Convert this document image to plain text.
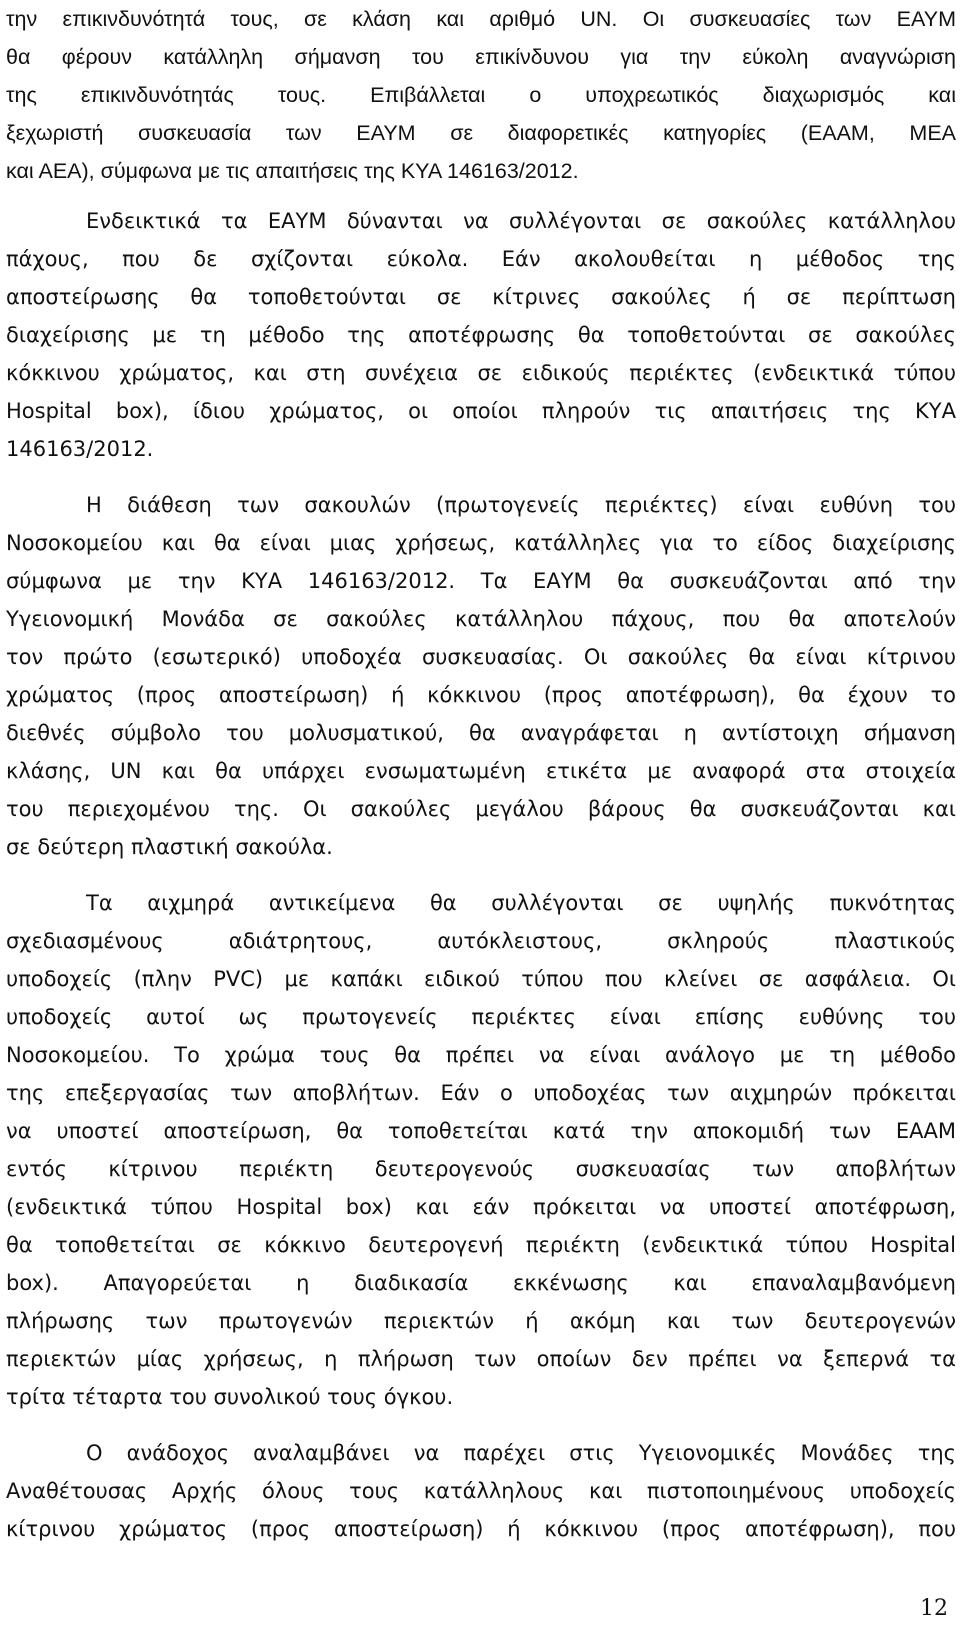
την επικινδυνότητά τους, σε κλάση και αριθμό UN. Οι συσκευασίες των ΕΑΥΜ
θα φέρουν κατάλληλη σήμανση του επικίνδυνου για την εύκολη αναγνώριση
της επικινδυνότητάς τους. Επιβάλλεται ο υποχρεωτικός διαχωρισμός και
ξεχωριστή συσκευασία των ΕΑΥΜ σε διαφορετικές κατηγορίες (ΕΑΑΜ, ΜΕΑ
και ΑΕΑ), σύμφωνα με τις απαιτήσεις της ΚΥΑ 146163/2012.
Ενδεικτικά τα ΕΑΥΜ δύνανται να συλλέγονται σε σακούλες κατάλληλου
πάχους, που δε σχίζονται εύκολα. Εάν ακολουθείται η μέθοδος της
αποστείρωσης θα τοποθετούνται σε κίτρινες σακούλες ή σε περίπτωση
διαχείρισης με τη μέθοδο της αποτέφρωσης θα τοποθετούνται σε σακούλες
κόκκινου χρώματος, και στη συνέχεια σε ειδικούς περιέκτες (ενδεικτικά τύπου
Hospital box), ίδιου χρώματος, οι οποίοι πληρούν τις απαιτήσεις της ΚΥΑ
146163/2012.
Η διάθεση των σακουλών (πρωτογενείς περιέκτες) είναι ευθύνη του
Νοσοκομείου και θα είναι μιας χρήσεως, κατάλληλες για το είδος διαχείρισης
σύμφωνα με την ΚΥΑ 146163/2012. Τα ΕΑΥΜ θα συσκευάζονται από την
Υγειονομική Μονάδα σε σακούλες κατάλληλου πάχους, που θα αποτελούν
τον πρώτο (εσωτερικό) υποδοχέα συσκευασίας. Οι σακούλες θα είναι κίτρινου
χρώματος (προς αποστείρωση) ή κόκκινου (προς αποτέφρωση), θα έχουν το
διεθνές σύμβολο του μολυσματικού, θα αναγράφεται η αντίστοιχη σήμανση
κλάσης, UN και θα υπάρχει ενσωματωμένη ετικέτα με αναφορά στα στοιχεία
του περιεχομένου της. Οι σακούλες μεγάλου βάρους θα συσκευάζονται και
σε δεύτερη πλαστική σακούλα.
Τα αιχμηρά αντικείμενα θα συλλέγονται σε υψηλής πυκνότητας
σχεδιασμένους αδιάτρητους, αυτόκλειστους, σκληρούς πλαστικούς
υποδοχείς (πλην PVC) με καπάκι ειδικού τύπου που κλείνει σε ασφάλεια. Οι
υποδοχείς αυτοί ως πρωτογενείς περιέκτες είναι επίσης ευθύνης του
Νοσοκομείου. Το χρώμα τους θα πρέπει να είναι ανάλογο με τη μέθοδο
της επεξεργασίας των αποβλήτων. Εάν ο υποδοχέας των αιχμηρών πρόκειται
να υποστεί αποστείρωση, θα τοποθετείται κατά την αποκομιδή των ΕΑΑΜ
εντός κίτρινου περιέκτη δευτερογενούς συσκευασίας των αποβλήτων
(ενδεικτικά τύπου Hospital box) και εάν πρόκειται να υποστεί αποτέφρωση,
θα τοποθετείται σε κόκκινο δευτερογενή περιέκτη (ενδεικτικά τύπου Hospital
box). Απαγορεύεται η διαδικασία εκκένωσης και επαναλαμβανόμενη
πλήρωσης των πρωτογενών περιεκτών ή ακόμη και των δευτερογενών
περιεκτών μίας χρήσεως, η πλήρωση των οποίων δεν πρέπει να ξεπερνά τα
τρίτα τέταρτα του συνολικού τους όγκου.
Ο ανάδοχος αναλαμβάνει να παρέχει στις Υγειονομικές Μονάδες της
Αναθέτουσας Αρχής όλους τους κατάλληλους και πιστοποιημένους υποδοχείς
κίτρινου χρώματος (προς αποστείρωση) ή κόκκινου (προς αποτέφρωση), που
12
